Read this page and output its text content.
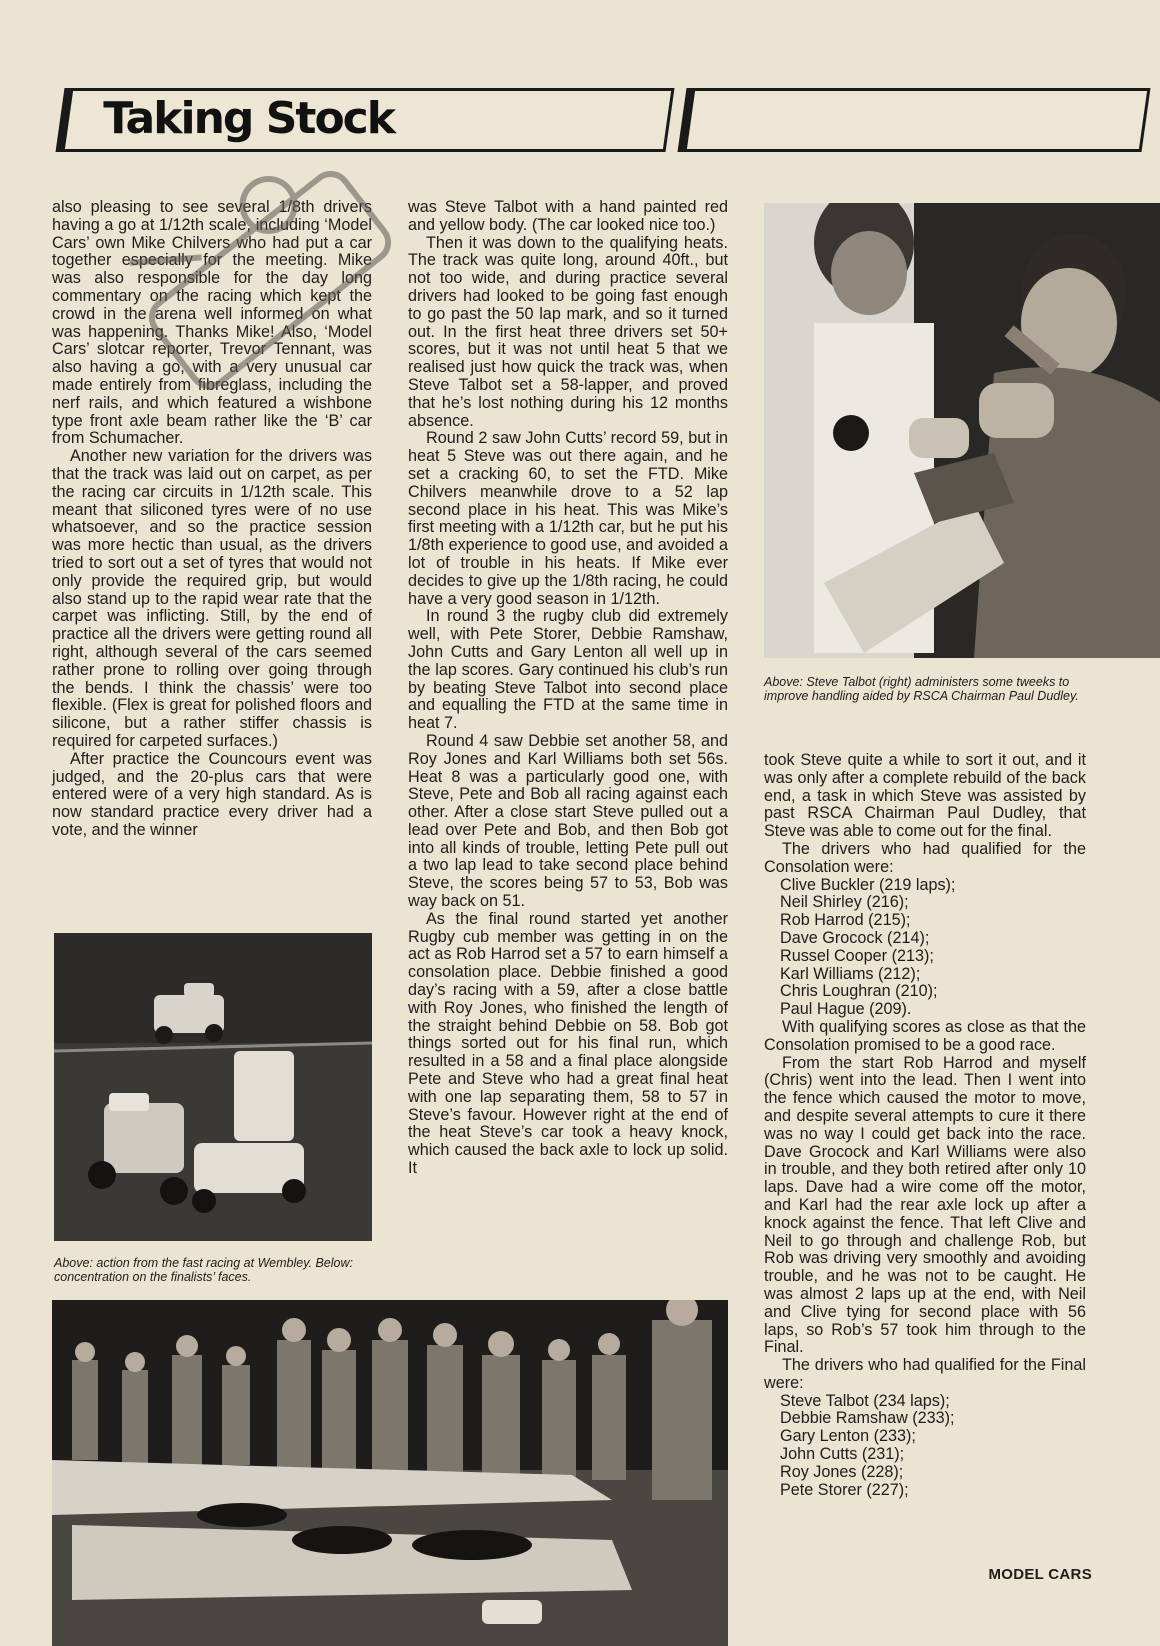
Taking Stock

also pleasing to see several 1/8th drivers having a go at 1/12th scale, including ‘Model Cars’ own Mike Chilvers who had put a car together especially for the meeting. Mike was also responsible for the day long commentary on the racing which kept the crowd in the arena well informed on what was happening. Thanks Mike! Also, ‘Model Cars’ slotcar reporter, Trevor Tennant, was also having a go, with a very unusual car made entirely from fibreglass, including the nerf rails, and which featured a wishbone type front axle beam rather like the ‘B’ car from Schumacher.

Another new variation for the drivers was that the track was laid out on carpet, as per the racing car circuits in 1/12th scale. This meant that siliconed tyres were of no use whatsoever, and so the practice session was more hectic than usual, as the drivers tried to sort out a set of tyres that would not only provide the required grip, but would also stand up to the rapid wear rate that the carpet was inflicting. Still, by the end of practice all the drivers were getting round all right, although several of the cars seemed rather prone to rolling over going through the bends. I think the chassis’ were too flexible. (Flex is great for polished floors and silicone, but a rather stiffer chassis is required for carpeted surfaces.)

After practice the Councours event was judged, and the 20-plus cars that were entered were of a very high standard. As is now standard practice every driver had a vote, and the winner

was Steve Talbot with a hand painted red and yellow body. (The car looked nice too.)

Then it was down to the qualifying heats. The track was quite long, around 40ft., but not too wide, and during practice several drivers had looked to be going fast enough to go past the 50 lap mark, and so it turned out. In the first heat three drivers set 50+ scores, but it was not until heat 5 that we realised just how quick the track was, when Steve Talbot set a 58-lapper, and proved that he’s lost nothing during his 12 months absence.

Round 2 saw John Cutts’ record 59, but in heat 5 Steve was out there again, and he set a cracking 60, to set the FTD. Mike Chilvers meanwhile drove to a 52 lap second place in his heat. This was Mike’s first meeting with a 1/12th car, but he put his 1/8th experience to good use, and avoided a lot of trouble in his heats. If Mike ever decides to give up the 1/8th racing, he could have a very good season in 1/12th.

In round 3 the rugby club did extremely well, with Pete Storer, Debbie Ramshaw, John Cutts and Gary Lenton all well up in the lap scores. Gary continued his club’s run by beating Steve Talbot into second place and equalling the FTD at the same time in heat 7.

Round 4 saw Debbie set another 58, and Roy Jones and Karl Williams both set 56s. Heat 8 was a particularly good one, with Steve, Pete and Bob all racing against each other. After a close start Steve pulled out a lead over Pete and Bob, and then Bob got into all kinds of trouble, letting Pete pull out a two lap lead to take second place behind Steve, the scores being 57 to 53, Bob was way back on 51.

As the final round started yet another Rugby cub member was getting in on the act as Rob Harrod set a 57 to earn himself a consolation place. Debbie finished a good day’s racing with a 59, after a close battle with Roy Jones, who finished the length of the straight behind Debbie on 58. Bob got things sorted out for his final run, which resulted in a 58 and a final place alongside Pete and Steve who had a great final heat with one lap separating them, 58 to 57 in Steve’s favour. However right at the end of the heat Steve’s car took a heavy knock, which caused the back axle to lock up solid. It

Above: Steve Talbot (right) administers some tweeks to improve handling aided by RSCA Chairman Paul Dudley.

took Steve quite a while to sort it out, and it was only after a complete rebuild of the back end, a task in which Steve was assisted by past RSCA Chairman Paul Dudley, that Steve was able to come out for the final.

The drivers who had qualified for the Consolation were:

Clive Buckler (219 laps);
Neil Shirley (216);
Rob Harrod (215);
Dave Grocock (214);
Russel Cooper (213);
Karl Williams (212);
Chris Loughran (210);
Paul Hague (209).

With qualifying scores as close as that the Consolation promised to be a good race.

From the start Rob Harrod and myself (Chris) went into the lead. Then I went into the fence which caused the motor to move, and despite several attempts to cure it there was no way I could get back into the race. Dave Grocock and Karl Williams were also in trouble, and they both retired after only 10 laps. Dave had a wire come off the motor, and Karl had the rear axle lock up after a knock against the fence. That left Clive and Neil to go through and challenge Rob, but Rob was driving very smoothly and avoiding trouble, and he was not to be caught. He was almost 2 laps up at the end, with Neil and Clive tying for second place with 56 laps, so Rob’s 57 took him through to the Final.

The drivers who had qualified for the Final were:

Steve Talbot (234 laps);
Debbie Ramshaw (233);
Gary Lenton (233);
John Cutts (231);
Roy Jones (228);
Pete Storer (227);

Above: action from the fast racing at Wembley. Below: concentration on the finalists’ faces.

MODEL CARS
